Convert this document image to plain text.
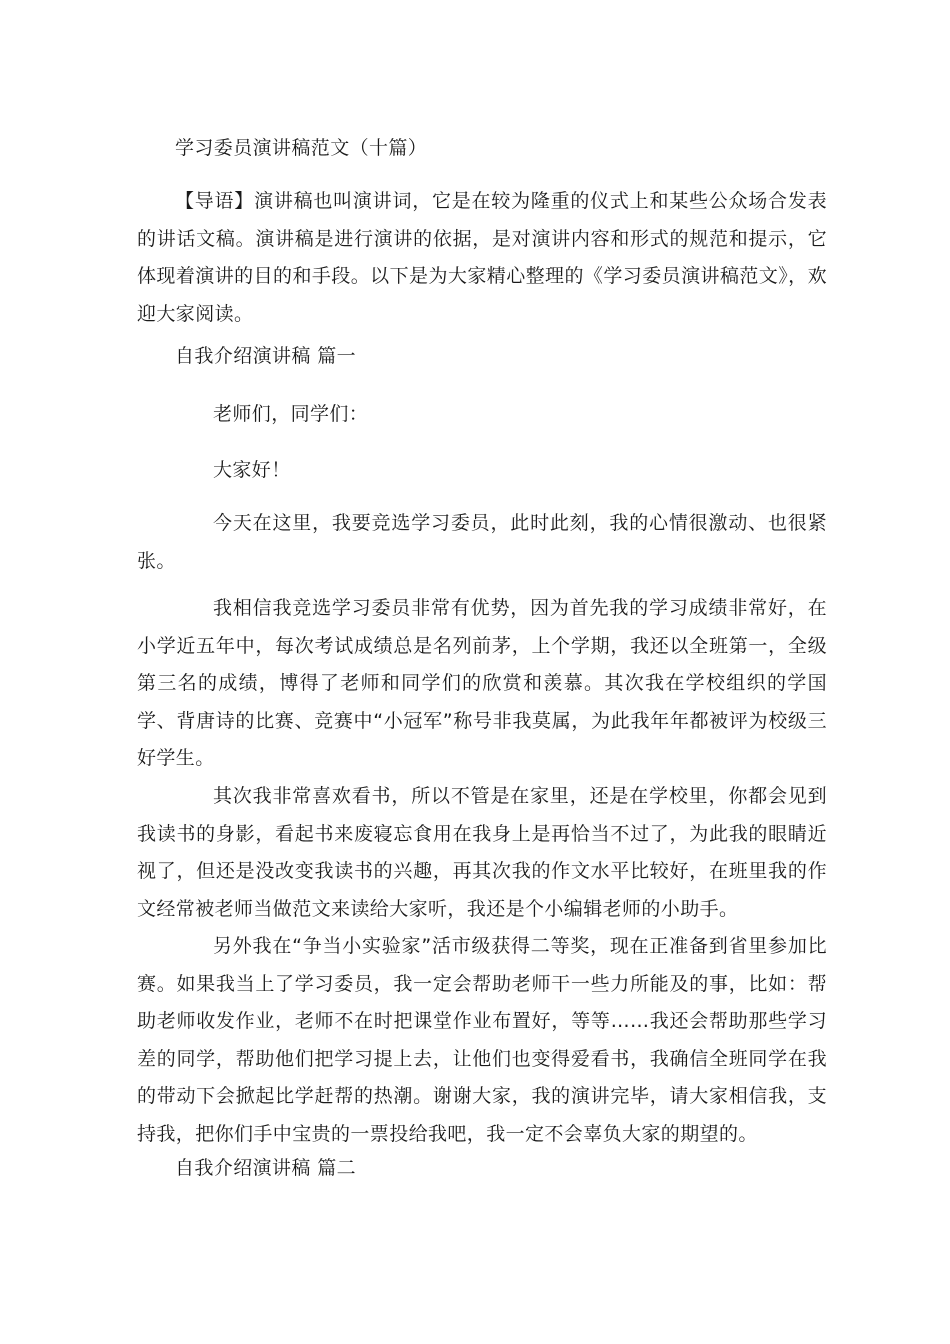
学习委员演讲稿范文（十篇）

【导语】演讲稿也叫演讲词，它是在较为隆重的仪式上和某些公众场合发表的讲话文稿。演讲稿是进行演讲的依据，是对演讲内容和形式的规范和提示，它体现着演讲的目的和手段。以下是为大家精心整理的《学习委员演讲稿范文》，欢迎大家阅读。

自我介绍演讲稿 篇一
老师们，同学们：
大家好！

今天在这里，我要竞选学习委员，此时此刻，我的心情很激动、也很紧张。

我相信我竞选学习委员非常有优势，因为首先我的学习成绩非常好，在小学近五年中，每次考试成绩总是名列前茅，上个学期，我还以全班第一，全级第三名的成绩，博得了老师和同学们的欣赏和羡慕。其次我在学校组织的学国学、背唐诗的比赛、竞赛中“小冠军”称号非我莫属，为此我年年都被评为校级三好学生。

其次我非常喜欢看书，所以不管是在家里，还是在学校里，你都会见到我读书的身影，看起书来废寝忘食用在我身上是再恰当不过了，为此我的眼睛近视了，但还是没改变我读书的兴趣，再其次我的作文水平比较好，在班里我的作文经常被老师当做范文来读给大家听，我还是个小编辑老师的小助手。

另外我在“争当小实验家”活市级获得二等奖，现在正准备到省里参加比赛。如果我当上了学习委员，我一定会帮助老师干一些力所能及的事，比如：帮助老师收发作业，老师不在时把课堂作业布置好，等等……我还会帮助那些学习差的同学，帮助他们把学习提上去，让他们也变得爱看书，我确信全班同学在我的带动下会掀起比学赶帮的热潮。谢谢大家，我的演讲完毕，请大家相信我，支持我，把你们手中宝贵的一票投给我吧，我一定不会辜负大家的期望的。

自我介绍演讲稿 篇二
